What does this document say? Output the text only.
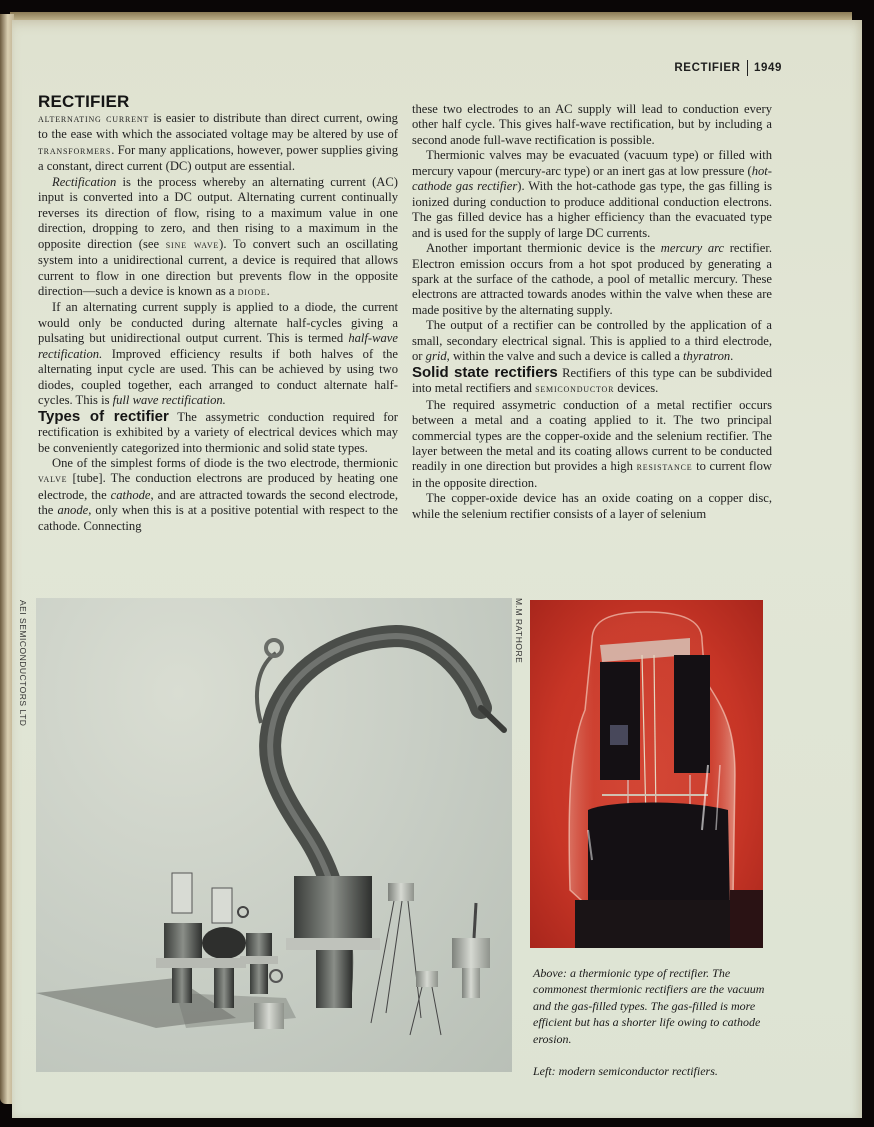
RECTIFIER 1949
RECTIFIER

alternating current is easier to distribute than direct current, owing to the ease with which the associated voltage may be altered by use of transformers. For many applications, however, power supplies giving a constant, direct current (DC) output are essential.

Rectification is the process whereby an alternating current (AC) input is converted into a DC output. Alternating current continually reverses its direction of flow, rising to a maximum value in one direction, dropping to zero, and then rising to a maximum in the opposite direction (see sine wave). To convert such an oscillating system into a unidirectional current, a device is required that allows current to flow in one direction but prevents flow in the opposite direction—such a device is known as a diode.

If an alternating current supply is applied to a diode, the current would only be conducted during alternate half-cycles giving a pulsating but unidirectional output current. This is termed half-wave rectification. Improved efficiency results if both halves of the alternating input cycle are used. This can be achieved by using two diodes, coupled together, each arranged to conduct alternate half-cycles. This is full wave rectification.

Types of rectifier The assymetric conduction required for rectification is exhibited by a variety of electrical devices which may be conveniently categorized into thermionic and solid state types.

One of the simplest forms of diode is the two electrode, thermionic valve [tube]. The conduction electrons are produced by heating one electrode, the cathode, and are attracted towards the second electrode, the anode, only when this is at a positive potential with respect to the cathode. Connecting

these two electrodes to an AC supply will lead to conduction every other half cycle. This gives half-wave rectification, but by including a second anode full-wave rectification is possible.

Thermionic valves may be evacuated (vacuum type) or filled with mercury vapour (mercury-arc type) or an inert gas at low pressure (hot-cathode gas rectifier). With the hot-cathode gas type, the gas filling is ionized during conduction to produce additional conduction electrons. The gas filled device has a higher efficiency than the evacuated type and is used for the supply of large DC currents.

Another important thermionic device is the mercury arc rectifier. Electron emission occurs from a hot spot produced by generating a spark at the surface of the cathode, a pool of metallic mercury. These electrons are attracted towards anodes within the valve when these are made positive by the alternating supply.

The output of a rectifier can be controlled by the application of a small, secondary electrical signal. This is applied to a third electrode, or grid, within the valve and such a device is called a thyratron.

Solid state rectifiers Rectifiers of this type can be subdivided into metal rectifiers and semiconductor devices.

The required assymetric conduction of a metal rectifier occurs between a metal and a coating applied to it. The two principal commercial types are the copper-oxide and the selenium rectifier. The layer between the metal and its coating allows current to be conducted readily in one direction but provides a high resistance to current flow in the opposite direction.

The copper-oxide device has an oxide coating on a copper disc, while the selenium rectifier consists of a layer of selenium

AEI SEMICONDUCTORS LTD	M.M RATHORE

Above: a thermionic type of rectifier. The commonest thermionic rectifiers are the vacuum and the gas-filled types. The gas-filled is more efficient but has a shorter life owing to cathode erosion.

Left: modern semiconductor rectifiers.
